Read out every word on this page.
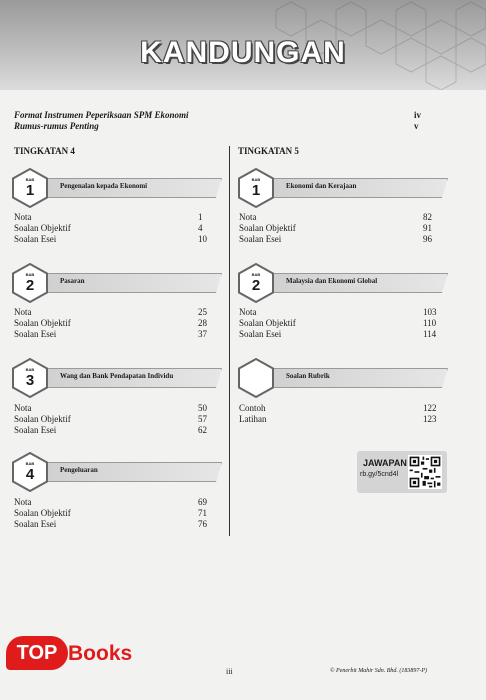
KANDUNGAN
Format Instrumen Peperiksaan SPM Ekonomi	iv
Rumus-rumus Penting	v
TINGKATAN 4	TINGKATAN 5
BAB
1	Pengenalan kepada Ekonomi
Nota	1
Soalan Objektif	4
Soalan Esei	10
BAB
2	Pasaran
Nota	25
Soalan Objektif	28
Soalan Esei	37
BAB
3	Wang dan Bank Pendapatan Individu
Nota	50
Soalan Objektif	57
Soalan Esei	62
BAB
4	Pengeluaran
Nota	69
Soalan Objektif	71
Soalan Esei	76
BAB
1	Ekonomi dan Kerajaan
Nota	82
Soalan Objektif	91
Soalan Esei	96
BAB
2	Malaysia dan Ekonomi Global
Nota	103
Soalan Objektif	110
Soalan Esei	114
Soalan Rubrik
Contoh	122
Latihan	123
JAWAPAN
rb.gy/5cnd4l
TOP Books
iii	© Penerbit Mahir Sdn. Bhd. (183897-P)
